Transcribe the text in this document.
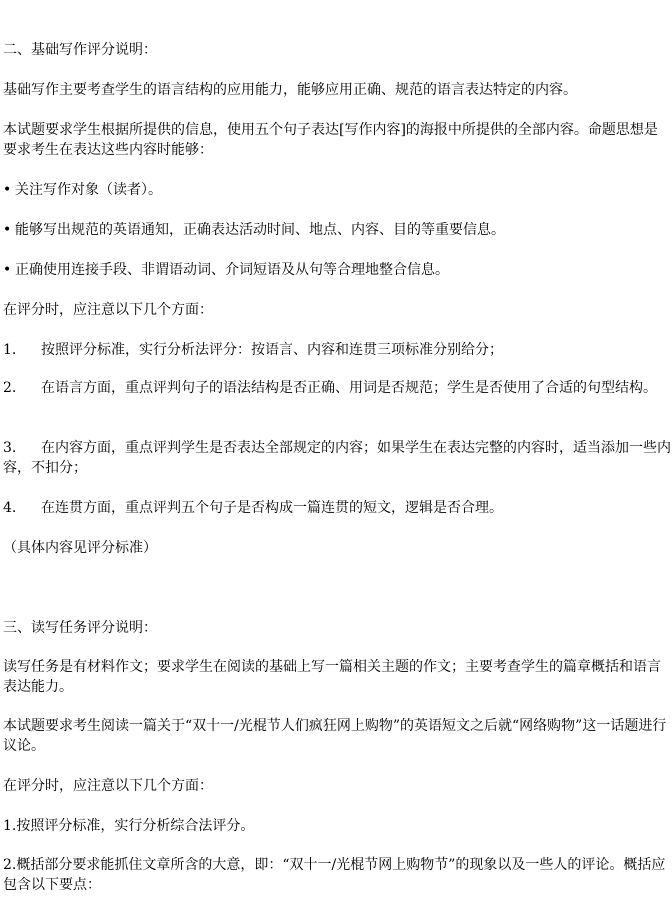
二、基础写作评分说明：

基础写作主要考查学生的语言结构的应用能力，能够应用正确、规范的语言表达特定的内容。

本试题要求学生根据所提供的信息，使用五个句子表达[写作内容]的海报中所提供的全部内容。命题思想是要求考生在表达这些内容时能够：

• 关注写作对象（读者）。

• 能够写出规范的英语通知，正确表达活动时间、地点、内容、目的等重要信息。

• 正确使用连接手段、非谓语动词、介词短语及从句等合理地整合信息。

在评分时，应注意以下几个方面：

1. 按照评分标准，实行分析法评分：按语言、内容和连贯三项标准分别给分；

2. 在语言方面，重点评判句子的语法结构是否正确、用词是否规范；学生是否使用了合适的句型结构。

3. 在内容方面，重点评判学生是否表达全部规定的内容；如果学生在表达完整的内容时，适当添加一些内容，不扣分；

4. 在连贯方面，重点评判五个句子是否构成一篇连贯的短文，逻辑是否合理。

（具体内容见评分标准）

三、读写任务评分说明：

读写任务是有材料作文；要求学生在阅读的基础上写一篇相关主题的作文；主要考查学生的篇章概括和语言表达能力。

本试题要求考生阅读一篇关于“双十一/光棍节人们疯狂网上购物”的英语短文之后就“网络购物”这一话题进行议论。

在评分时，应注意以下几个方面：

1.按照评分标准，实行分析综合法评分。

2.概括部分要求能抓住文章所含的大意，即：“双十一/光棍节网上购物节”的现象以及一些人的评论。概括应包含以下要点：
